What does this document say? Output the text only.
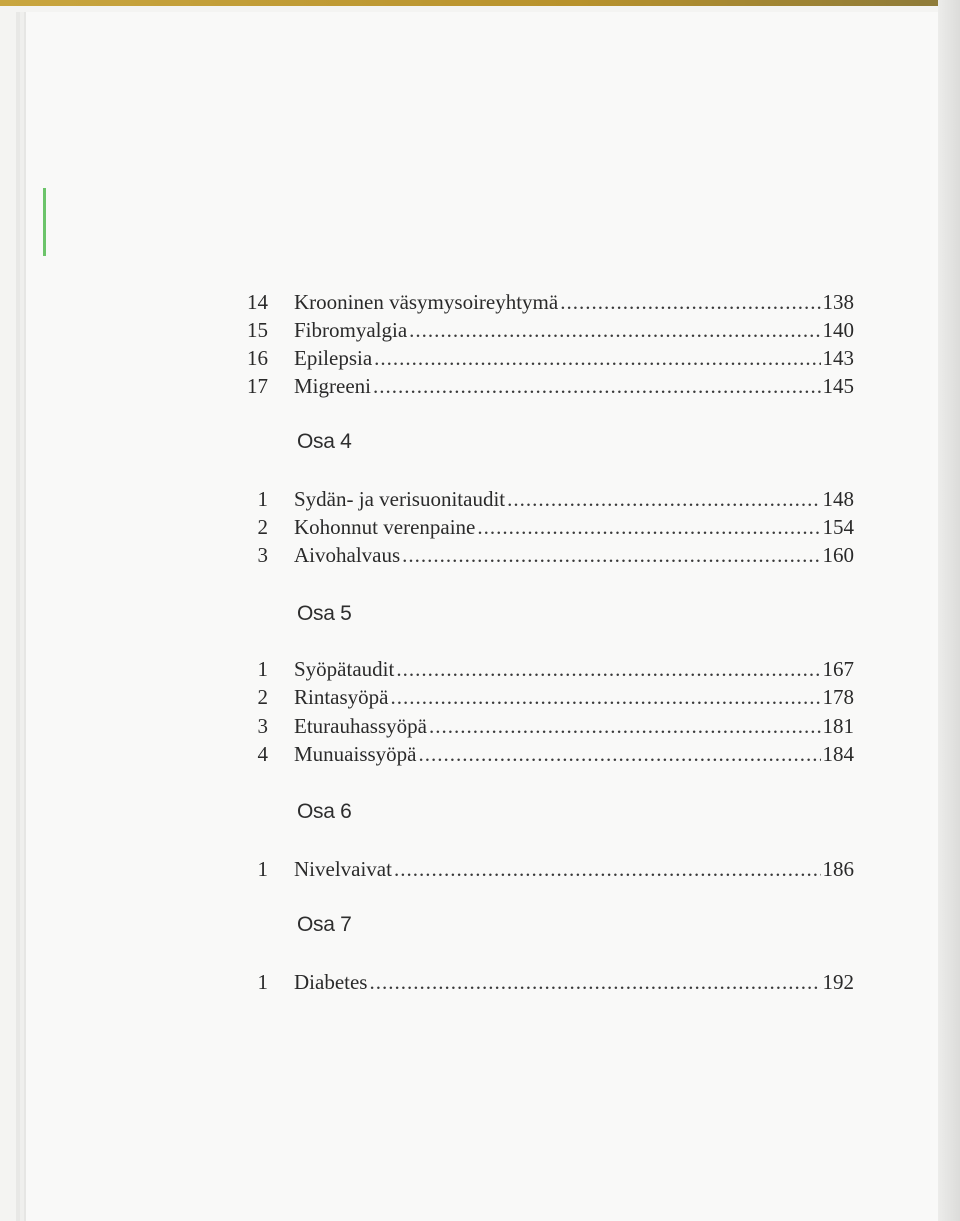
14 Krooninen väsymysoireyhtymä .....	138
15 Fibromyalgia .....	140
16 Epilepsia .....	143
17 Migreeni .....	145
Osa 4
1 Sydän- ja verisuonitaudit .....	148
2 Kohonnut verenpaine .....	154
3 Aivohalvaus .....	160
Osa 5
1 Syöpätaudit .....	167
2 Rintasyöpä .....	178
3 Eturauhassyöpä .....	181
4 Munuaissyöpä .....	184
Osa 6
1 Nivelvaivat .....	186
Osa 7
1 Diabetes .....	192
